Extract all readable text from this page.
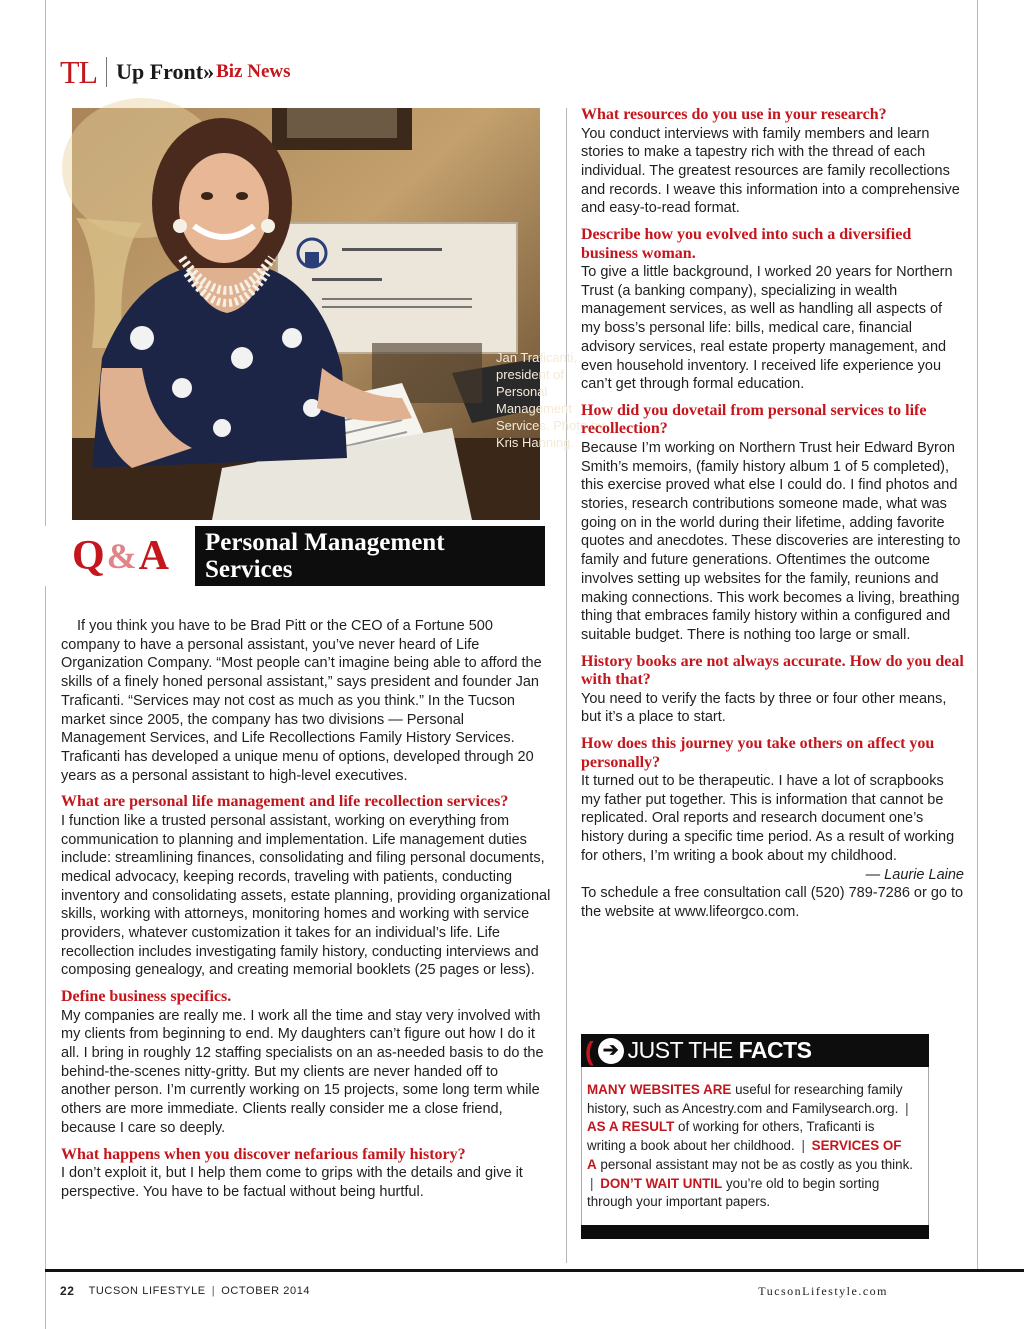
TL Up Front» Biz News
Jan Traficanti, president of Personal Management Services. Photo by Kris Hanning.
Q & A Personal Management Services

If you think you have to be Brad Pitt or the CEO of a Fortune 500 company to have a personal assistant, you’ve never heard of Life Organization Company. “Most people can’t imagine being able to afford the skills of a finely honed personal assistant,” says president and founder Jan Traficanti. “Services may not cost as much as you think.” In the Tucson market since 2005, the company has two divisions — Personal Management Services, and Life Recollections Family History Services. Traficanti has developed a unique menu of options, developed through 20 years as a personal assistant to high-level executives.

What are personal life management and life recollection services?

I function like a trusted personal assistant, working on everything from communication to planning and implementation. Life management duties include: streamlining finances, consolidating and filing personal documents, medical advocacy, keeping records, traveling with patients, conducting inventory and consolidating assets, estate planning, providing organizational skills, working with attorneys, monitoring homes and working with service providers, whatever customization it takes for an individual’s life. Life recollection includes investigating family history, conducting interviews and composing genealogy, and creating memorial booklets (25 pages or less).

Define business specifics.

My companies are really me. I work all the time and stay very involved with my clients from beginning to end. My daughters can’t figure out how I do it all. I bring in roughly 12 staffing specialists on an as-needed basis to do the behind-the-scenes nitty-gritty. But my clients are never handed off to another person. I’m currently working on 15 projects, some long term while others are more immediate. Clients really consider me a close friend, because I care so deeply.

What happens when you discover nefarious family history?

I don’t exploit it, but I help them come to grips with the details and give it perspective. You have to be factual without being hurtful.

What resources do you use in your research?

You conduct interviews with family members and learn stories to make a tapestry rich with the thread of each individual. The greatest resources are family recollections and records. I weave this information into a comprehensive and easy-to-read format.

Describe how you evolved into such a diversified business woman.

To give a little background, I worked 20 years for Northern Trust (a banking company), specializing in wealth management services, as well as handling all aspects of my boss’s personal life: bills, medical care, financial advisory services, real estate property management, and even household inventory. I received life experience you can’t get through formal education.

How did you dovetail from personal services to life recollection?

Because I’m working on Northern Trust heir Edward Byron Smith’s memoirs, (family history album 1 of 5 completed), this exercise proved what else I could do. I find photos and stories, research contributions someone made, what was going on in the world during their lifetime, adding favorite quotes and anecdotes. These discoveries are interesting to family and future generations. Oftentimes the outcome involves setting up websites for the family, reunions and making connections. This work becomes a living, breathing thing that embraces family history within a configured and suitable budget. There is nothing too large or small.

History books are not always accurate. How do you deal with that?

You need to verify the facts by three or four other means, but it’s a place to start.

How does this journey you take others on affect you personally?

It turned out to be therapeutic. I have a lot of scrapbooks my father put together. This is information that cannot be replicated. Oral reports and research document one’s history during a specific time period. As a result of working for others, I’m writing a book about my childhood.

— Laurie Laine

To schedule a free consultation call (520) 789-7286 or go to the website at www.lifeorgco.com.

( ➔ JUST THE FACTS
MANY WEBSITES ARE useful for researching family history, such as Ancestry.com and Familysearch.org. | AS A RESULT of working for others, Traficanti is writing a book about her childhood. | SERVICES OF A personal assistant may not be as costly as you think. | DON’T WAIT UNTIL you’re old to begin sorting through your important papers.
22 TUCSON LIFESTYLE | OCTOBER 2014	TucsonLifestyle.com
